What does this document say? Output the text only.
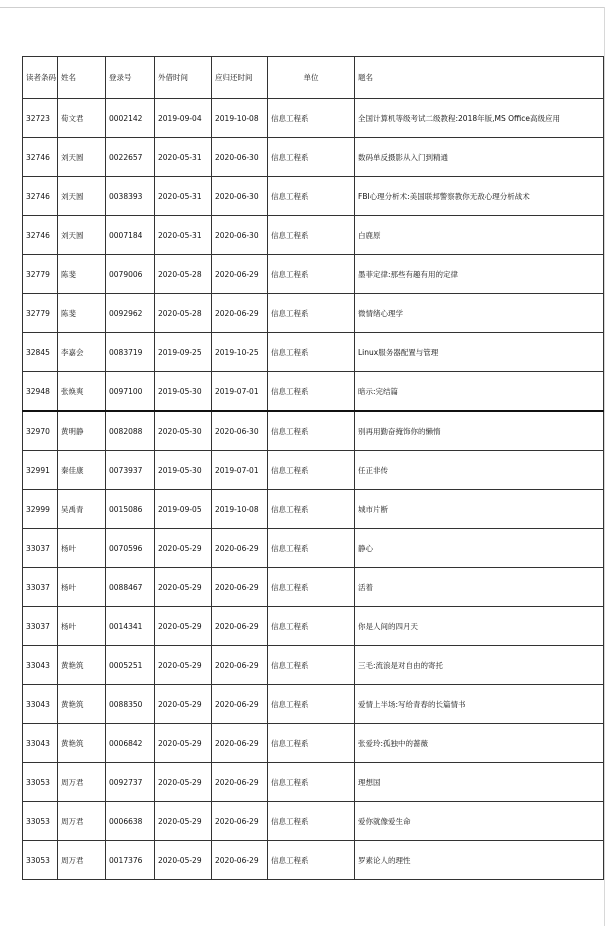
读者条码	姓名	登录号	外借时间	应归还时间	单位	题名
32723	荀文君	0002142	2019-09-04	2019-10-08	信息工程系	全国计算机等级考试二级教程:2018年版,MS Office高级应用
32746	刘天圆	0022657	2020-05-31	2020-06-30	信息工程系	数码单反摄影从入门到精通
32746	刘天圆	0038393	2020-05-31	2020-06-30	信息工程系	FBI心理分析术:美国联邦警察教你无敌心理分析战术
32746	刘天圆	0007184	2020-05-31	2020-06-30	信息工程系	白鹿原
32779	陈斐	0079006	2020-05-28	2020-06-29	信息工程系	墨菲定律:那些有趣有用的定律
32779	陈斐	0092962	2020-05-28	2020-06-29	信息工程系	微情绪心理学
32845	李嘉会	0083719	2019-09-25	2019-10-25	信息工程系	Linux服务器配置与管理
32948	张焕爽	0097100	2019-05-30	2019-07-01	信息工程系	暗示:完结篇
32970	黄明静	0082088	2020-05-30	2020-06-30	信息工程系	别再用勤奋掩饰你的懒惰
32991	秦佳康	0073937	2019-05-30	2019-07-01	信息工程系	任正非传
32999	吴禹青	0015086	2019-09-05	2019-10-08	信息工程系	城市片断
33037	杨叶	0070596	2020-05-29	2020-06-29	信息工程系	静心
33037	杨叶	0088467	2020-05-29	2020-06-29	信息工程系	活着
33037	杨叶	0014341	2020-05-29	2020-06-29	信息工程系	你是人间的四月天
33043	黄艳筑	0005251	2020-05-29	2020-06-29	信息工程系	三毛:流浪是对自由的寄托
33043	黄艳筑	0088350	2020-05-29	2020-06-29	信息工程系	爱情上半场:写给青春的长篇情书
33043	黄艳筑	0006842	2020-05-29	2020-06-29	信息工程系	张爱玲:孤独中的蔷薇
33053	周万君	0092737	2020-05-29	2020-06-29	信息工程系	理想国
33053	周万君	0006638	2020-05-29	2020-06-29	信息工程系	爱你就像爱生命
33053	周万君	0017376	2020-05-29	2020-06-29	信息工程系	罗素论人的理性
